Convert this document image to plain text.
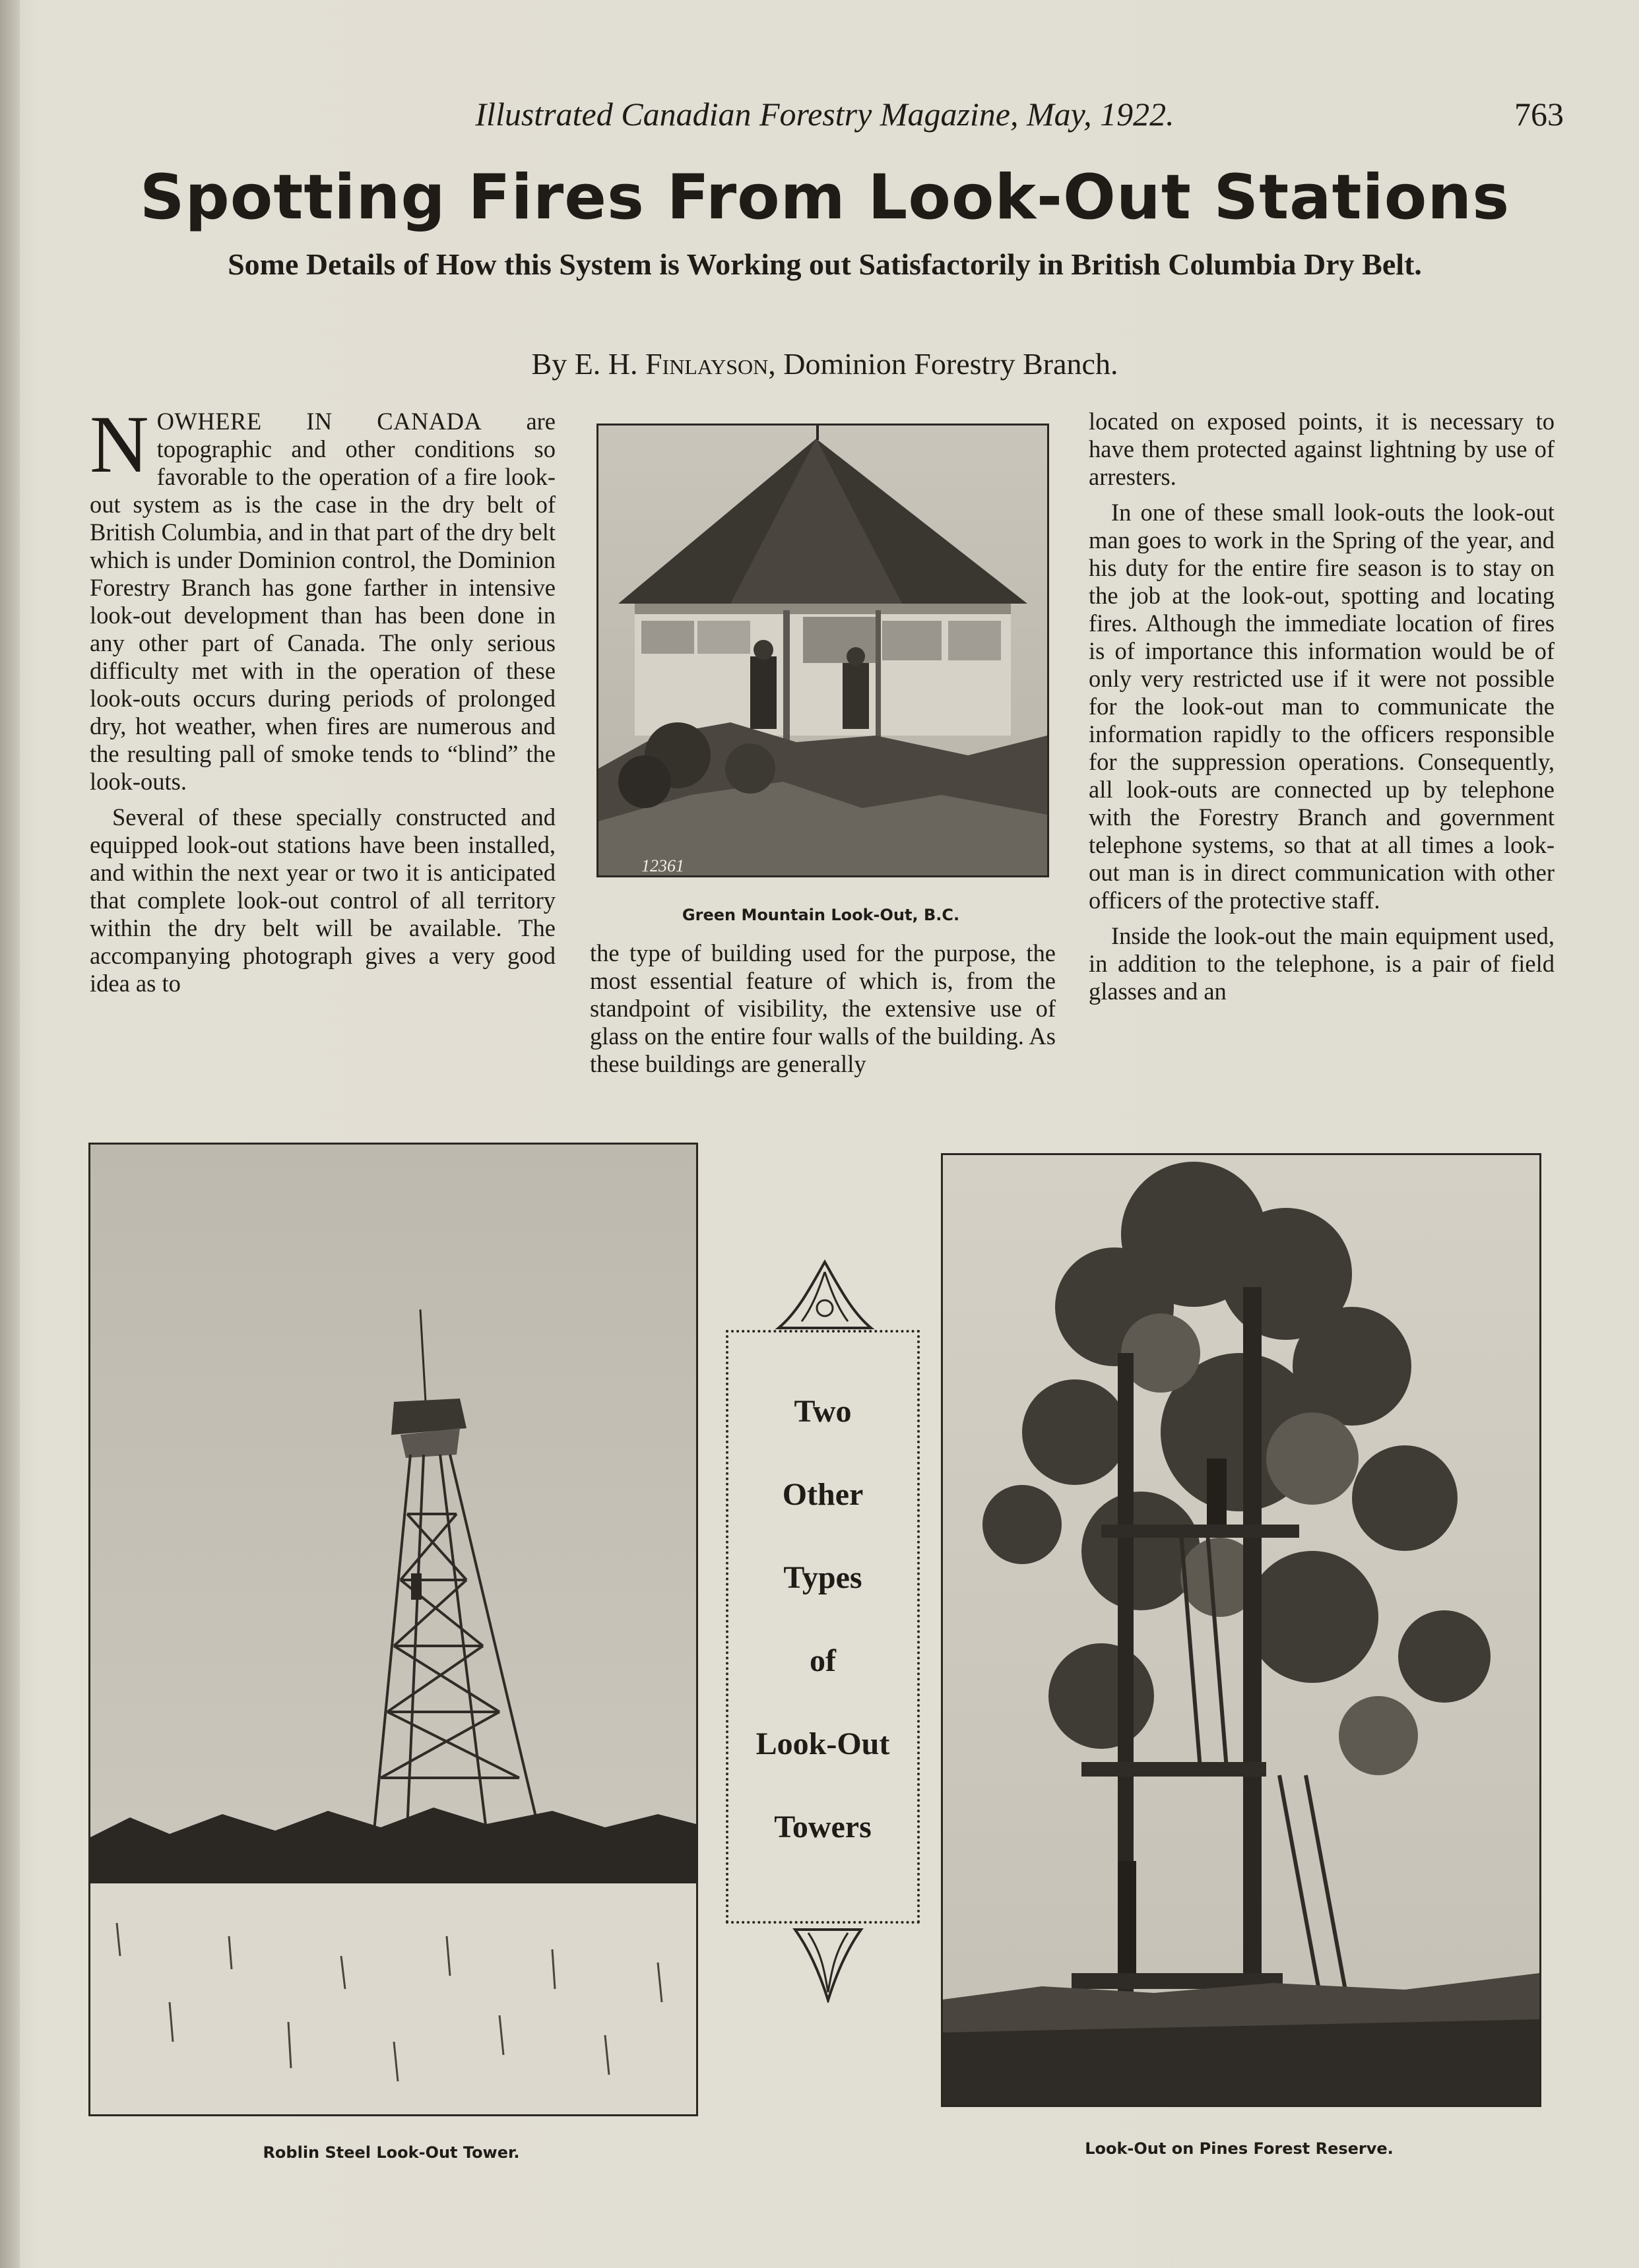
Illustrated Canadian Forestry Magazine, May, 1922.	763
Spotting Fires From Look-Out Stations
Some Details of How this System is Working out Satisfactorily in British Columbia Dry Belt.
By E. H. Finlayson, Dominion Forestry Branch.

NOWHERE IN CANADA are topographic and other conditions so favorable to the operation of a fire look-out system as is the case in the dry belt of British Columbia, and in that part of the dry belt which is under Dominion control, the Dominion Forestry Branch has gone farther in intensive look-out development than has been done in any other part of Canada. The only serious difficulty met with in the operation of these look-outs occurs during periods of prolonged dry, hot weather, when fires are numerous and the resulting pall of smoke tends to “blind” the look-outs.

Several of these specially constructed and equipped look-out stations have been installed, and within the next year or two it is anticipated that complete look-out control of all territory within the dry belt will be available. The accompanying photograph gives a very good idea as to

the type of building used for the purpose, the most essential feature of which is, from the standpoint of visibility, the extensive use of glass on the entire four walls of the building. As these buildings are generally

located on exposed points, it is necessary to have them protected against lightning by use of arresters.

In one of these small look-outs the look-out man goes to work in the Spring of the year, and his duty for the entire fire season is to stay on the job at the look-out, spotting and locating fires. Although the immediate location of fires is of importance this information would be of only very restricted use if it were not possible for the look-out man to communicate the information rapidly to the officers responsible for the suppression operations. Consequently, all look-outs are connected up by telephone with the Forestry Branch and government telephone systems, so that at all times a look-out man is in direct communication with other officers of the protective staff.

Inside the look-out the main equipment used, in addition to the telephone, is a pair of field glasses and an

12361
Green Mountain Look-Out, B.C.
Roblin Steel Look-Out Tower.
Two
Other
Types
of
Look-Out
Towers
Look-Out on Pines Forest Reserve.
